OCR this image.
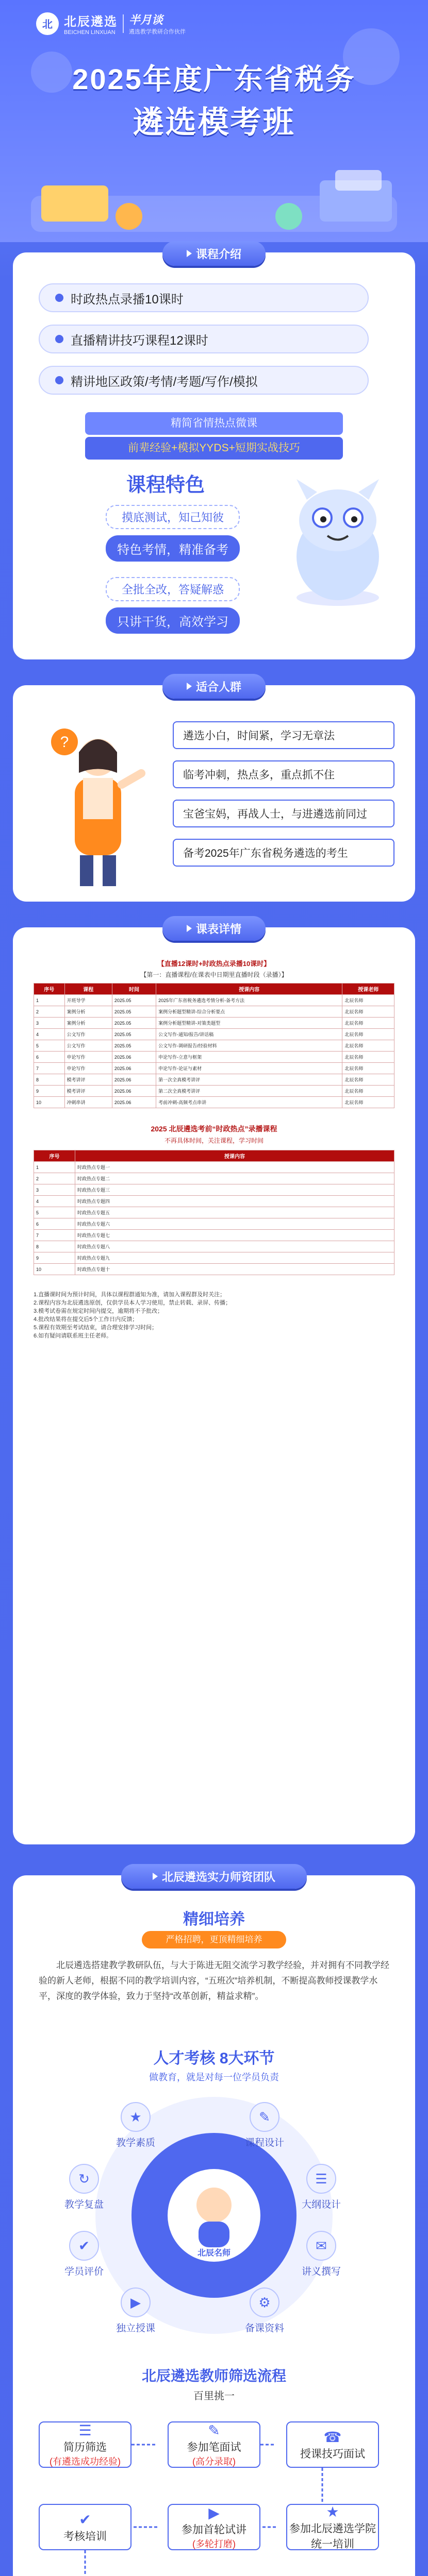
北 北辰遴选
BEICHEN LINXUAN
半月谈
遴选教学教研合作伙伴
2025年度广东省税务
遴选模考班
课程介绍
时政热点录播10课时
直播精讲技巧课程12课时
精讲地区政策/考情/考题/写作/模拟
精简省情热点微课
前辈经验+模拟YYDS+短期实战技巧
课程特色
摸底测试，知己知彼
特色考情，精准备考
全批全改，答疑解惑
只讲干货，高效学习
适合人群
?	遴选小白，时间紧，学习无章法
临考冲刺，热点多，重点抓不住
宝爸宝妈，再战人士，与进遴选前同过
备考2025年广东省税务遴选的考生
课表详情
【直播12课时+时政热点录播10课时】
【第一：直播课程/在课表中日期里直播时段（录播）】
序号	课程	时间	授课内容	授课老师
1	开班导学	2025.05	2025年广东省税务遴选考情分析-备考方法	北辰名师
2	案例分析	2025.05	案例分析题型精讲-综合分析要点	北辰名师
3	案例分析	2025.05	案例分析题型精讲-对策类题型	北辰名师
4	公文写作	2025.05	公文写作-通知/报告/讲话稿	北辰名师
5	公文写作	2025.05	公文写作-调研报告/经验材料	北辰名师
6	申论写作	2025.06	申论写作-立意与框架	北辰名师
7	申论写作	2025.06	申论写作-论证与素材	北辰名师
8	模考讲评	2025.06	第一次全真模考讲评	北辰名师
9	模考讲评	2025.06	第二次全真模考讲评	北辰名师
10	冲刺串讲	2025.06	考前冲刺-高频考点串讲	北辰名师
2025 北辰遴选考前“时政热点”录播课程
不再具体时间，关注课程，学习时间
序号	授课内容
1	时政热点专题一
2	时政热点专题二
3	时政热点专题三
4	时政热点专题四
5	时政热点专题五
6	时政热点专题六
7	时政热点专题七
8	时政热点专题八
9	时政热点专题九
10	时政热点专题十
1.直播课时间为预计时间，具体以课程群通知为准，请加入课程群及时关注；
2.课程内容为北辰遴选原创，仅供学员本人学习使用，禁止转载、录屏、传播；
3.模考试卷需在规定时间内提交，逾期将不予批改；
4.批改结果将在提交后5个工作日内反馈；
5.课程有效期至考试结束，请合理安排学习时间；
6.如有疑问请联系班主任老师。
北辰遴选实力师资团队
精细培养
严格招聘，更顶精细培养
北辰遴选搭建教学教研队伍，与大于陈进无阻交流学习教学经验，并对拥有不同教学经验的新人老师，根据不同的教学培训内容，“五班次”培养机制，不断提高教师授课教学水平，深度的教学体验，致力于坚持“改革创新，精益求精”。
人才考核 8大环节
做教育，就是对每一位学员负责
北辰名师
★
教学素质
✎
课程设计
☰
大纲设计
✉
讲义撰写
⚙
备课资料
▶
独立授课
✔
学员评价
↻
教学复盘
北辰遴选教师筛选流程
百里挑一
☰
简历筛选
(有遴选成功经验)
✎
参加笔面试
(高分录取)
☎
授课技巧面试
★
参加北辰遴选学院统一培训
▶
参加首轮试讲
(多轮打磨)
✔
考核培训
